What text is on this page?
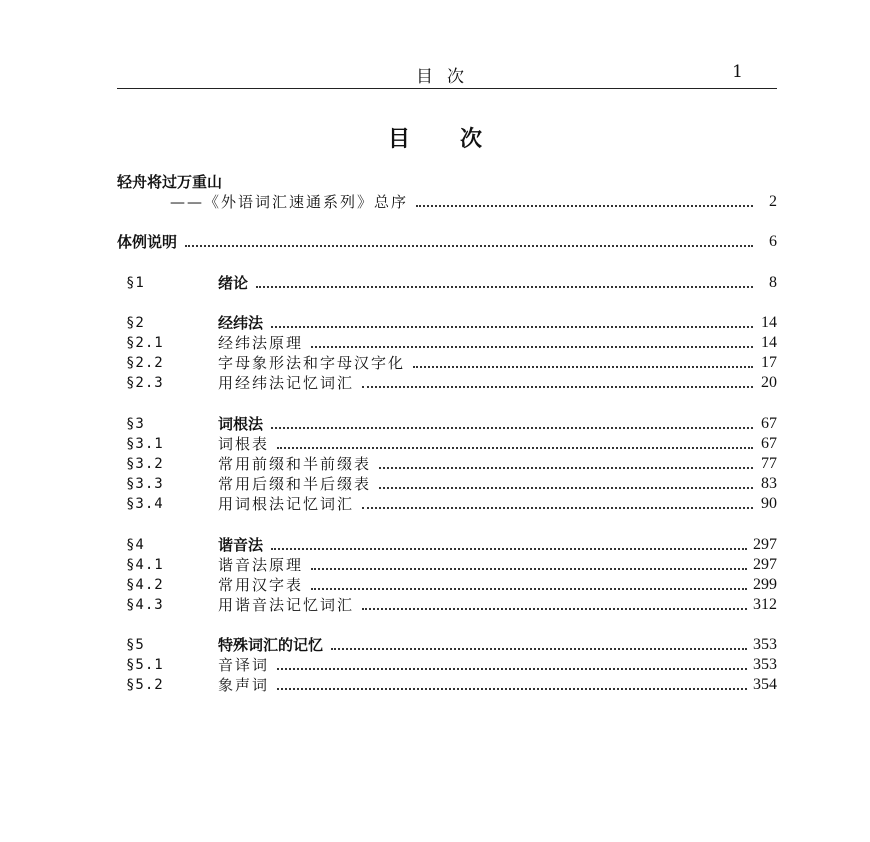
目次	1
目次
轻舟将过万重山
——《外语词汇速通系列》总序	2
体例说明	6
§1	绪论	8
§2	经纬法	14
§2.1	经纬法原理	14
§2.2	字母象形法和字母汉字化	17
§2.3	用经纬法记忆词汇	20
§3	词根法	67
§3.1	词根表	67
§3.2	常用前缀和半前缀表	77
§3.3	常用后缀和半后缀表	83
§3.4	用词根法记忆词汇	90
§4	谐音法	297
§4.1	谐音法原理	297
§4.2	常用汉字表	299
§4.3	用谐音法记忆词汇	312
§5	特殊词汇的记忆	353
§5.1	音译词	353
§5.2	象声词	354
